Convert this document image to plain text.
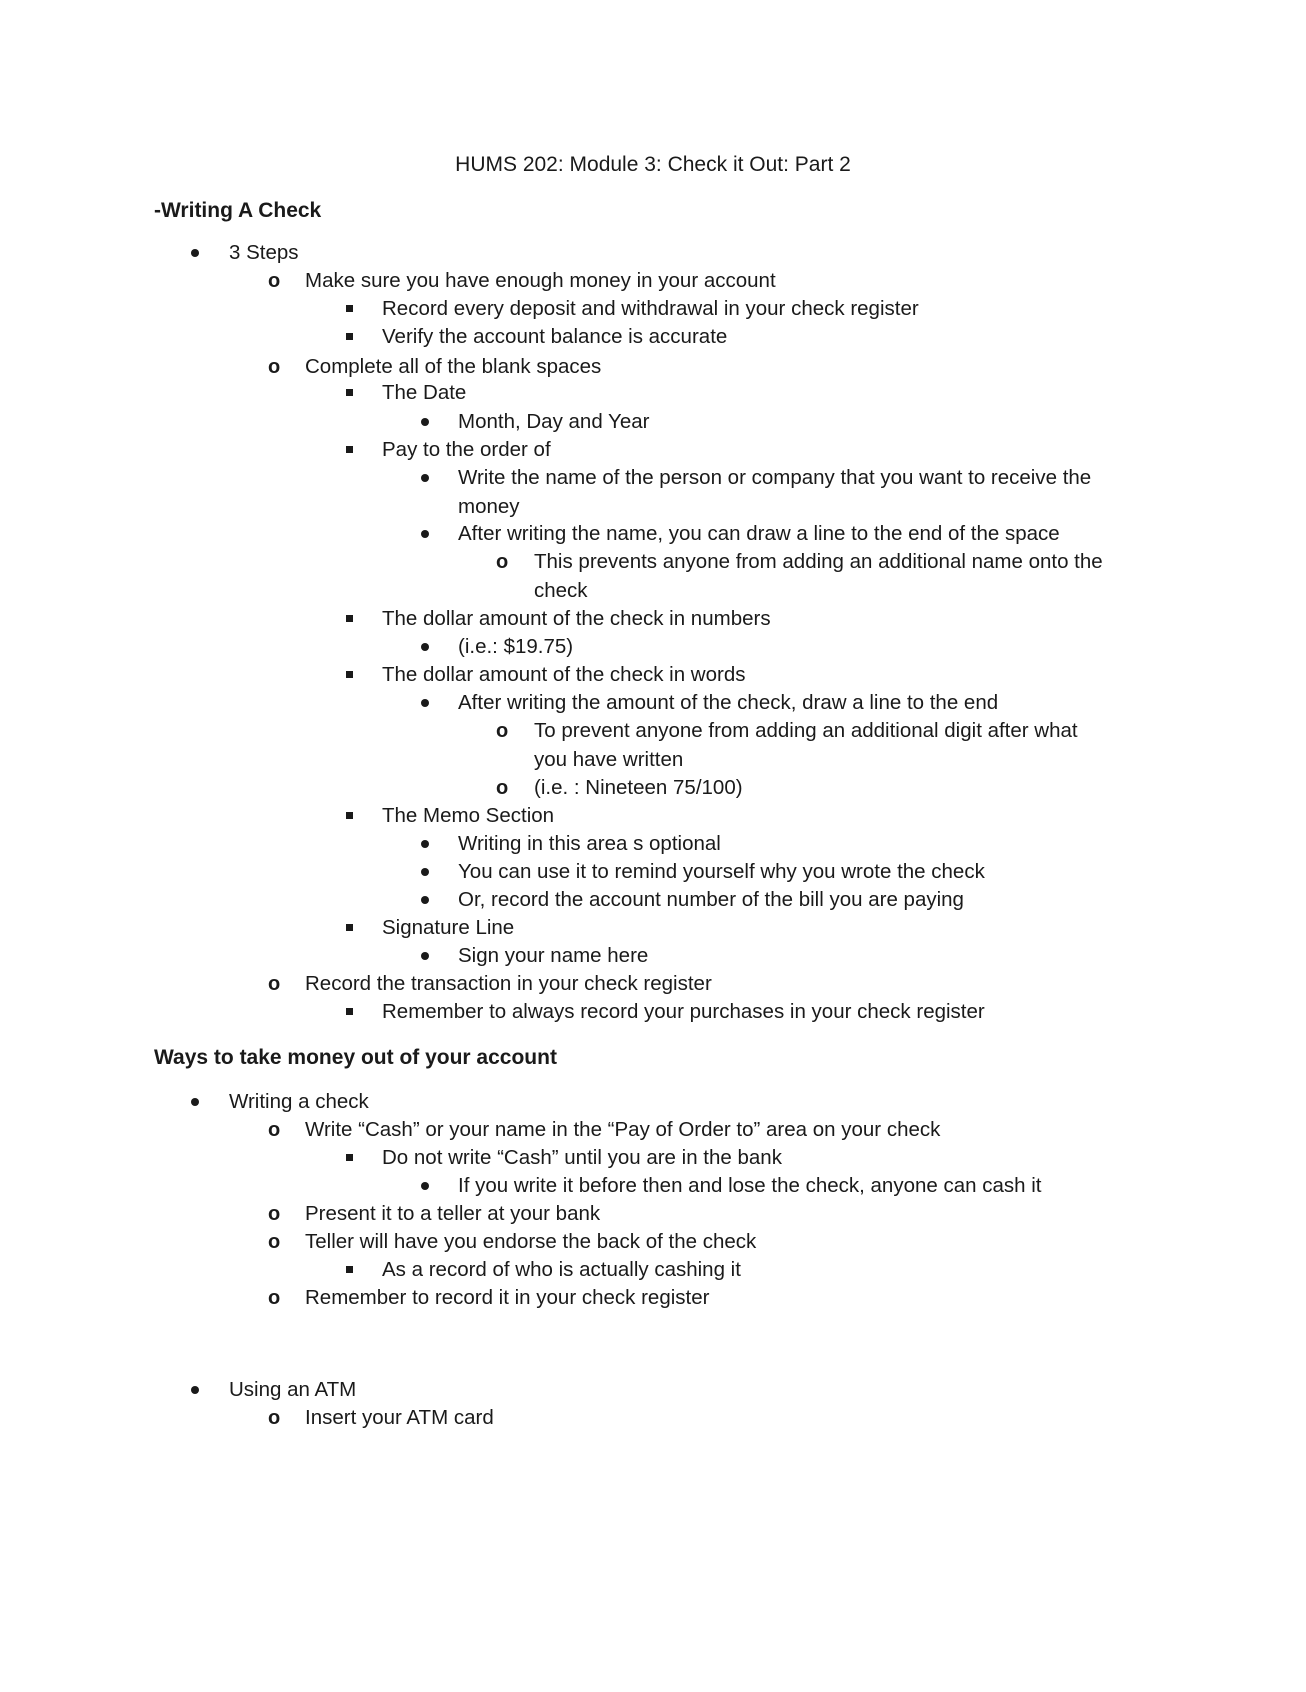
HUMS 202: Module 3: Check it Out: Part 2
-Writing A Check
3 Steps
o Make sure you have enough money in your account
Record every deposit and withdrawal in your check register
Verify the account balance is accurate
o Complete all of the blank spaces
The Date
Month, Day and Year
Pay to the order of
Write the name of the person or company that you want to receive the
money
After writing the name, you can draw a line to the end of the space
o This prevents anyone from adding an additional name onto the
check
The dollar amount of the check in numbers
(i.e.: $19.75)
The dollar amount of the check in words
After writing the amount of the check, draw a line to the end
o To prevent anyone from adding an additional digit after what
you have written
o (i.e. : Nineteen 75/100)
The Memo Section
Writing in this area s optional
You can use it to remind yourself why you wrote the check
Or, record the account number of the bill you are paying
Signature Line
Sign your name here
o Record the transaction in your check register
Remember to always record your purchases in your check register
Ways to take money out of your account
Writing a check
o Write “Cash” or your name in the “Pay of Order to” area on your check
Do not write “Cash” until you are in the bank
If you write it before then and lose the check, anyone can cash it
o Present it to a teller at your bank
o Teller will have you endorse the back of the check
As a record of who is actually cashing it
o Remember to record it in your check register
Using an ATM
o Insert your ATM card
